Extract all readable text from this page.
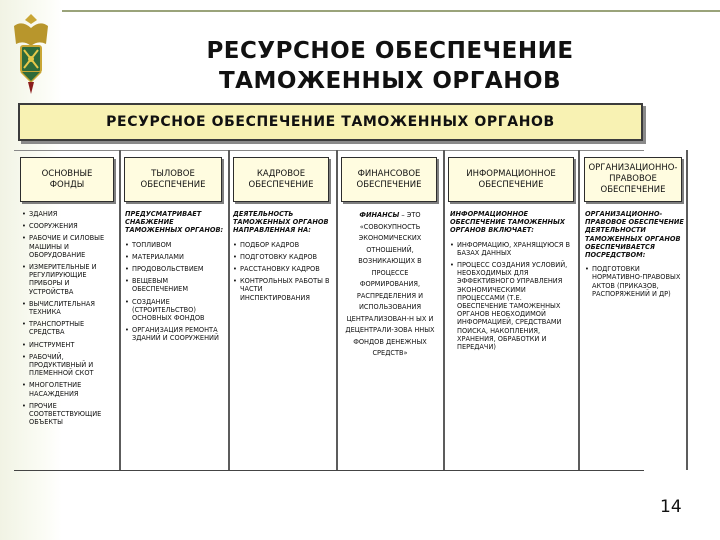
РЕСУРСНОЕ ОБЕСПЕЧЕНИЕ
ТАМОЖЕННЫХ ОРГАНОВ
РЕСУРСНОЕ ОБЕСПЕЧЕНИЕ ТАМОЖЕННЫХ ОРГАНОВ
ОСНОВНЫЕ ФОНДЫ
ТЫЛОВОЕ ОБЕСПЕЧЕНИЕ
КАДРОВОЕ ОБЕСПЕЧЕНИЕ
ФИНАНСОВОЕ ОБЕСПЕЧЕНИЕ
ИНФОРМАЦИОННОЕ ОБЕСПЕЧЕНИЕ
ОРГАНИЗАЦИОННО-ПРАВОВОЕ ОБЕСПЕЧЕНИЕ
• ЗДАНИЯ
• СООРУЖЕНИЯ
• РАБОЧИЕ И СИЛОВЫЕ МАШИНЫ И ОБОРУДОВАНИЕ
• ИЗМЕРИТЕЛЬНЫЕ И РЕГУЛИРУЮЩИЕ ПРИБОРЫ И УСТРОЙСТВА
• ВЫЧИСЛИТЕЛЬНАЯ ТЕХНИКА
• ТРАНСПОРТНЫЕ СРЕДСТВА
• ИНСТРУМЕНТ
• РАБОЧИЙ, ПРОДУКТИВНЫЙ И ПЛЕМЕННОЙ СКОТ
• МНОГОЛЕТНИЕ НАСАЖДЕНИЯ
• ПРОЧИЕ СООТВЕТСТВУЮЩИЕ ОБЪЕКТЫ
ПРЕДУСМАТРИВАЕТ СНАБЖЕНИЕ ТАМОЖЕННЫХ ОРГАНОВ:
• ТОПЛИВОМ
• МАТЕРИАЛАМИ
• ПРОДОВОЛЬСТВИЕМ
• ВЕЩЕВЫМ ОБЕСПЕЧЕНИЕМ
• СОЗДАНИЕ (СТРОИТЕЛЬСТВО) ОСНОВНЫХ ФОНДОВ
• ОРГАНИЗАЦИЯ РЕМОНТА ЗДАНИЙ И СООРУЖЕНИЙ
ДЕЯТЕЛЬНОСТЬ ТАМОЖЕННЫХ ОРГАНОВ НАПРАВЛЕННАЯ НА:
• ПОДБОР КАДРОВ
• ПОДГОТОВКУ КАДРОВ
• РАССТАНОВКУ КАДРОВ
• КОНТРОЛЬНЫХ РАБОТЫ В ЧАСТИ ИНСПЕКТИРОВАНИЯ
ФИНАНСЫ – ЭТО «СОВОКУПНОСТЬ ЭКОНОМИЧЕСКИХ ОТНОШЕНИЙ, ВОЗНИКАЮЩИХ В ПРОЦЕССЕ ФОРМИРОВАНИЯ, РАСПРЕДЕЛЕНИЯ И ИСПОЛЬЗОВАНИЯ ЦЕНТРАЛИЗОВАН-Н ЫХ И ДЕЦЕНТРАЛИ-ЗОВА ННЫХ ФОНДОВ ДЕНЕЖНЫХ СРЕДСТВ»
ИНФОРМАЦИОННОЕ ОБЕСПЕЧЕНИЕ ТАМОЖЕННЫХ ОРГАНОВ ВКЛЮЧАЕТ:
• ИНФОРМАЦИЮ, ХРАНЯЩУЮСЯ В БАЗАХ ДАННЫХ
• ПРОЦЕСС СОЗДАНИЯ УСЛОВИЙ, НЕОБХОДИМЫХ ДЛЯ ЭФФЕКТИВНОГО УПРАВЛЕНИЯ ЭКОНОМИЧЕСКИМИ ПРОЦЕССАМИ (Т.Е. ОБЕСПЕЧЕНИЕ ТАМОЖЕННЫХ ОРГАНОВ НЕОБХОДИМОЙ ИНФОРМАЦИЕЙ, СРЕДСТВАМИ ПОИСКА, НАКОПЛЕНИЯ, ХРАНЕНИЯ, ОБРАБОТКИ И ПЕРЕДАЧИ)
ОРГАНИЗАЦИОННО-ПРАВОВОЕ ОБЕСПЕЧЕНИЕ ДЕЯТЕЛЬНОСТИ ТАМОЖЕННЫХ ОРГАНОВ ОБЕСПЕЧИВАЕТСЯ ПОСРЕДСТВОМ:
• ПОДГОТОВКИ НОРМАТИВНО-ПРАВОВЫХ АКТОВ (ПРИКАЗОВ, РАСПОРЯЖЕНИЙ И ДР)
14
